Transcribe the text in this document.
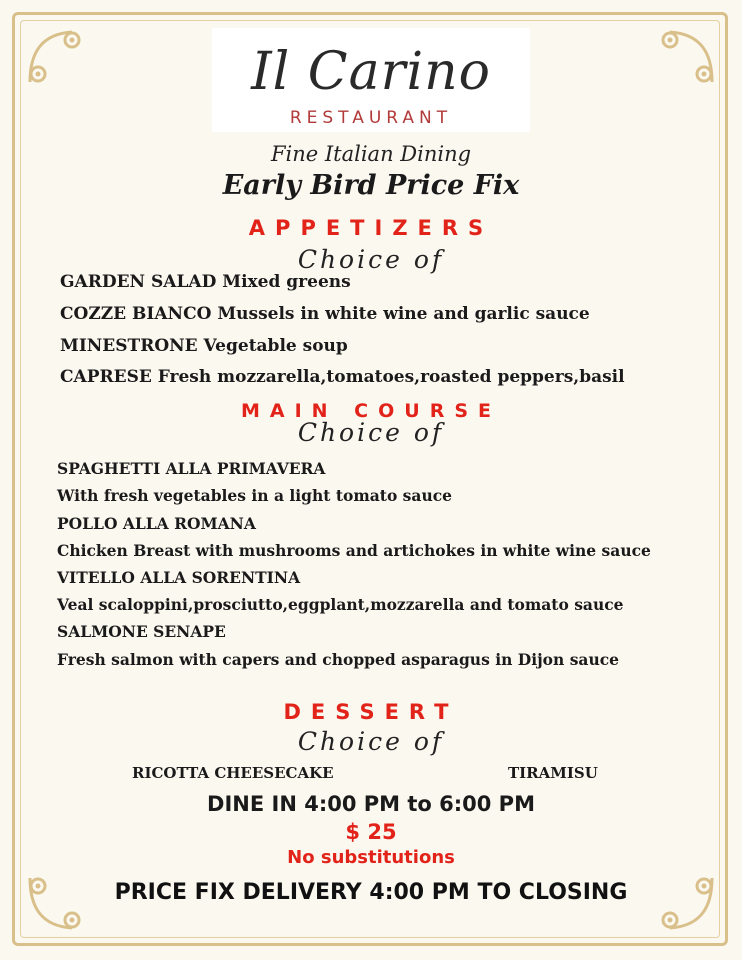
Il Carino
RESTAURANT
Fine Italian Dining
Early Bird Price Fix
APPETIZERS
Choice of
GARDEN SALAD Mixed greens
COZZE BIANCO Mussels in white wine and garlic sauce
MINESTRONE Vegetable soup
CAPRESE Fresh mozzarella,tomatoes,roasted peppers,basil
MAIN COURSE
Choice of
SPAGHETTI ALLA PRIMAVERA
With fresh vegetables in a light tomato sauce
POLLO ALLA ROMANA
Chicken Breast with mushrooms and artichokes in white wine sauce
VITELLO ALLA SORENTINA
Veal scaloppini,prosciutto,eggplant,mozzarella and tomato sauce
SALMONE SENAPE
Fresh salmon with capers and chopped asparagus in Dijon sauce
DESSERT
Choice of
RICOTTA CHEESECAKE	TIRAMISU
DINE IN 4:00 PM to 6:00 PM
$ 25
No substitutions
PRICE FIX DELIVERY 4:00 PM TO CLOSING
